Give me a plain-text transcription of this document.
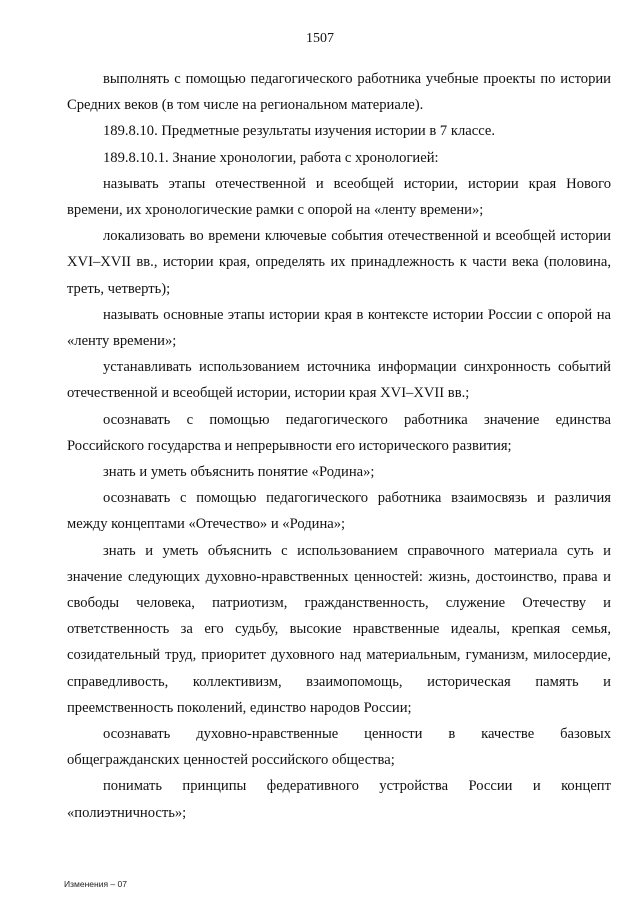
1507

выполнять с помощью педагогического работника учебные проекты по истории Средних веков (в том числе на региональном материале).

189.8.10. Предметные результаты изучения истории в 7 классе.

189.8.10.1. Знание хронологии, работа с хронологией:

называть этапы отечественной и всеобщей истории, истории края Нового времени, их хронологические рамки с опорой на «ленту времени»;

локализовать во времени ключевые события отечественной и всеобщей истории XVI–XVII вв., истории края, определять их принадлежность к части века (половина, треть, четверть);

называть основные этапы истории края в контексте истории России с опорой на «ленту времени»;

устанавливать использованием источника информации синхронность событий отечественной и всеобщей истории, истории края XVI–XVII вв.;

осознавать с помощью педагогического работника значение единства Российского государства и непрерывности его исторического развития;

знать и уметь объяснить понятие «Родина»;

осознавать с помощью педагогического работника взаимосвязь и различия между концептами «Отечество» и «Родина»;

знать и уметь объяснить с использованием справочного материала суть и значение следующих духовно-нравственных ценностей: жизнь, достоинство, права и свободы человека, патриотизм, гражданственность, служение Отечеству и ответственность за его судьбу, высокие нравственные идеалы, крепкая семья, созидательный труд, приоритет духовного над материальным, гуманизм, милосердие, справедливость, коллективизм, взаимопомощь, историческая память и преемственность поколений, единство народов России;

осознавать духовно-нравственные ценности в качестве базовых общегражданских ценностей российского общества;

понимать принципы федеративного устройства России и концепт «полиэтничность»;

Изменения – 07
